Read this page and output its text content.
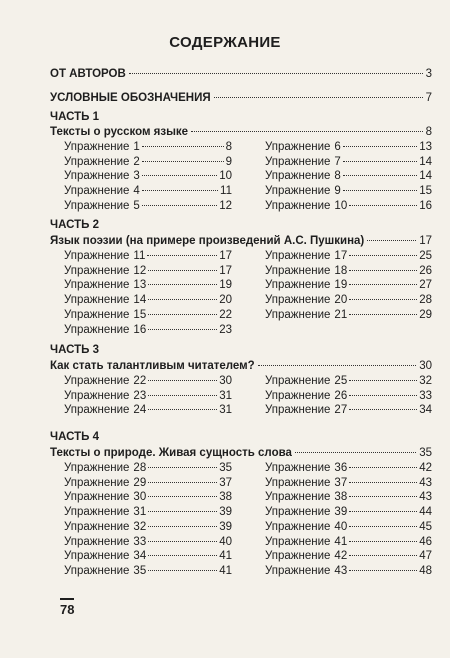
СОДЕРЖАНИЕ
ОТ АВТОРОВ	3
УСЛОВНЫЕ ОБОЗНАЧЕНИЯ	7
ЧАСТЬ 1
Тексты о русском языке	8
Упражнение 1	8
Упражнение 2	9
Упражнение 3	10
Упражнение 4	11
Упражнение 5	12
Упражнение 6	13
Упражнение 7	14
Упражнение 8	14
Упражнение 9	15
Упражнение 10	16
ЧАСТЬ 2
Язык поэзии (на примере произведений А.С. Пушкина)	17
Упражнение 11	17
Упражнение 12	17
Упражнение 13	19
Упражнение 14	20
Упражнение 15	22
Упражнение 16	23
Упражнение 17	25
Упражнение 18	26
Упражнение 19	27
Упражнение 20	28
Упражнение 21	29
ЧАСТЬ 3
Как стать талантливым читателем?	30
Упражнение 22	30
Упражнение 23	31
Упражнение 24	31
Упражнение 25	32
Упражнение 26	33
Упражнение 27	34
ЧАСТЬ 4
Тексты о природе. Живая сущность слова	35
Упражнение 28	35
Упражнение 29	37
Упражнение 30	38
Упражнение 31	39
Упражнение 32	39
Упражнение 33	40
Упражнение 34	41
Упражнение 35	41
Упражнение 36	42
Упражнение 37	43
Упражнение 38	43
Упражнение 39	44
Упражнение 40	45
Упражнение 41	46
Упражнение 42	47
Упражнение 43	48
78
